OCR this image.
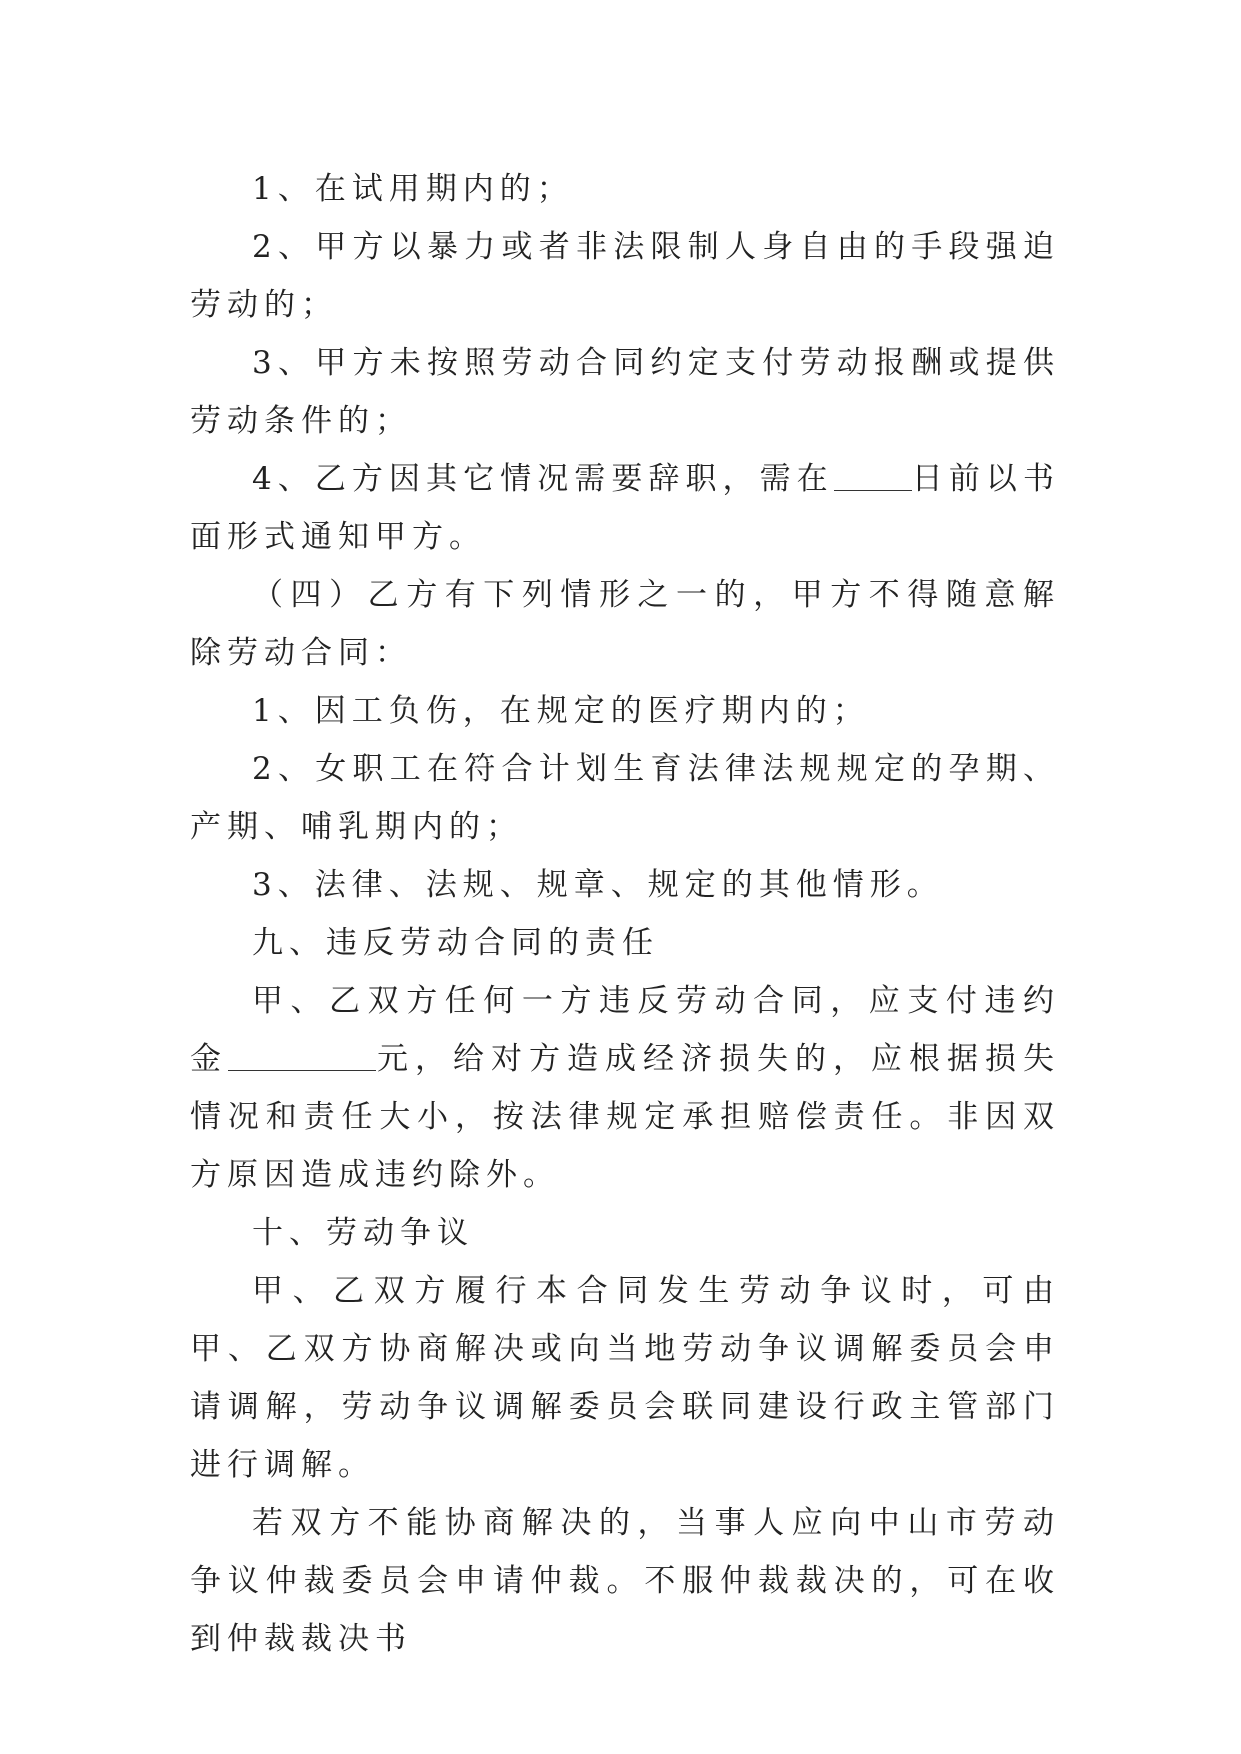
1、在试用期内的；

2、甲方以暴力或者非法限制人身自由的手段强迫劳动的；

3、甲方未按照劳动合同约定支付劳动报酬或提供劳动条件的；

4、乙方因其它情况需要辞职，需在	日前以书面形式通知甲方。

（四）乙方有下列情形之一的，甲方不得随意解除劳动合同：

1、因工负伤，在规定的医疗期内的；

2、女职工在符合计划生育法律法规规定的孕期、产期、哺乳期内的；

3、法律、法规、规章、规定的其他情形。

九、违反劳动合同的责任

甲、乙双方任何一方违反劳动合同，应支付违约金	元，给对方造成经济损失的，应根据损失情况和责任大小，按法律规定承担赔偿责任。非因双方原因造成违约除外。

十、劳动争议

甲、乙双方履行本合同发生劳动争议时，可由甲、乙双方协商解决或向当地劳动争议调解委员会申请调解，劳动争议调解委员会联同建设行政主管部门进行调解。

若双方不能协商解决的，当事人应向中山市劳动争议仲裁委员会申请仲裁。不服仲裁裁决的，可在收到仲裁裁决书
